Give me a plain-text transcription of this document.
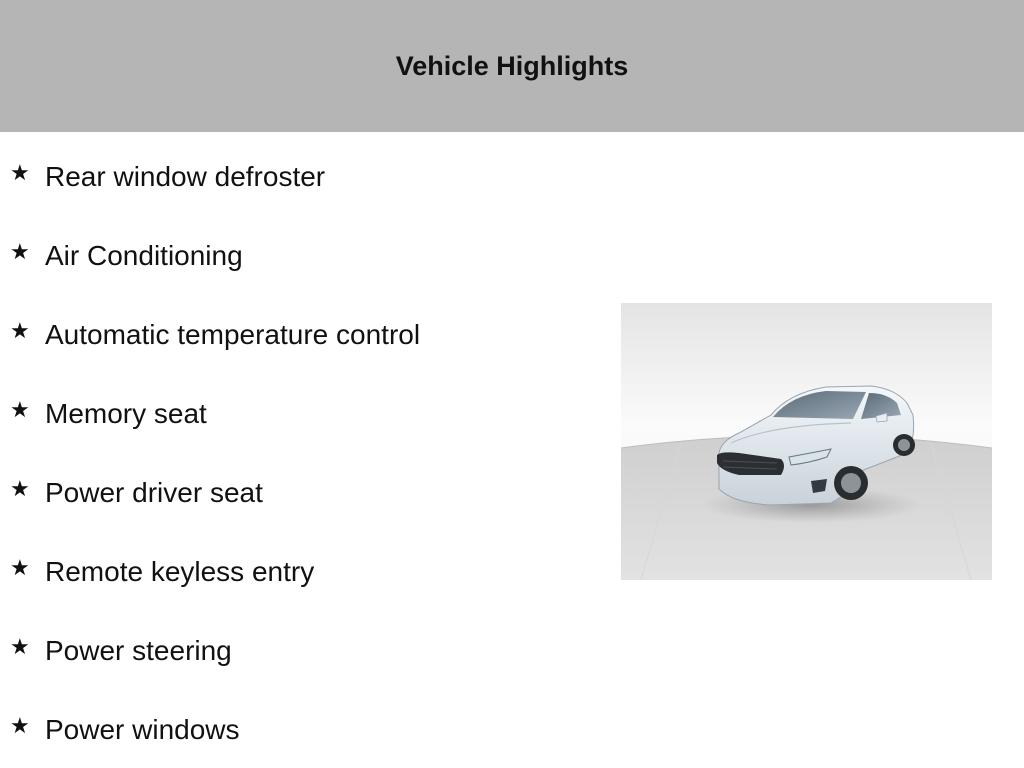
Vehicle Highlights
★ Rear window defroster
★ Air Conditioning
★ Automatic temperature control
★ Memory seat
★ Power driver seat
★ Remote keyless entry
★ Power steering
★ Power windows
